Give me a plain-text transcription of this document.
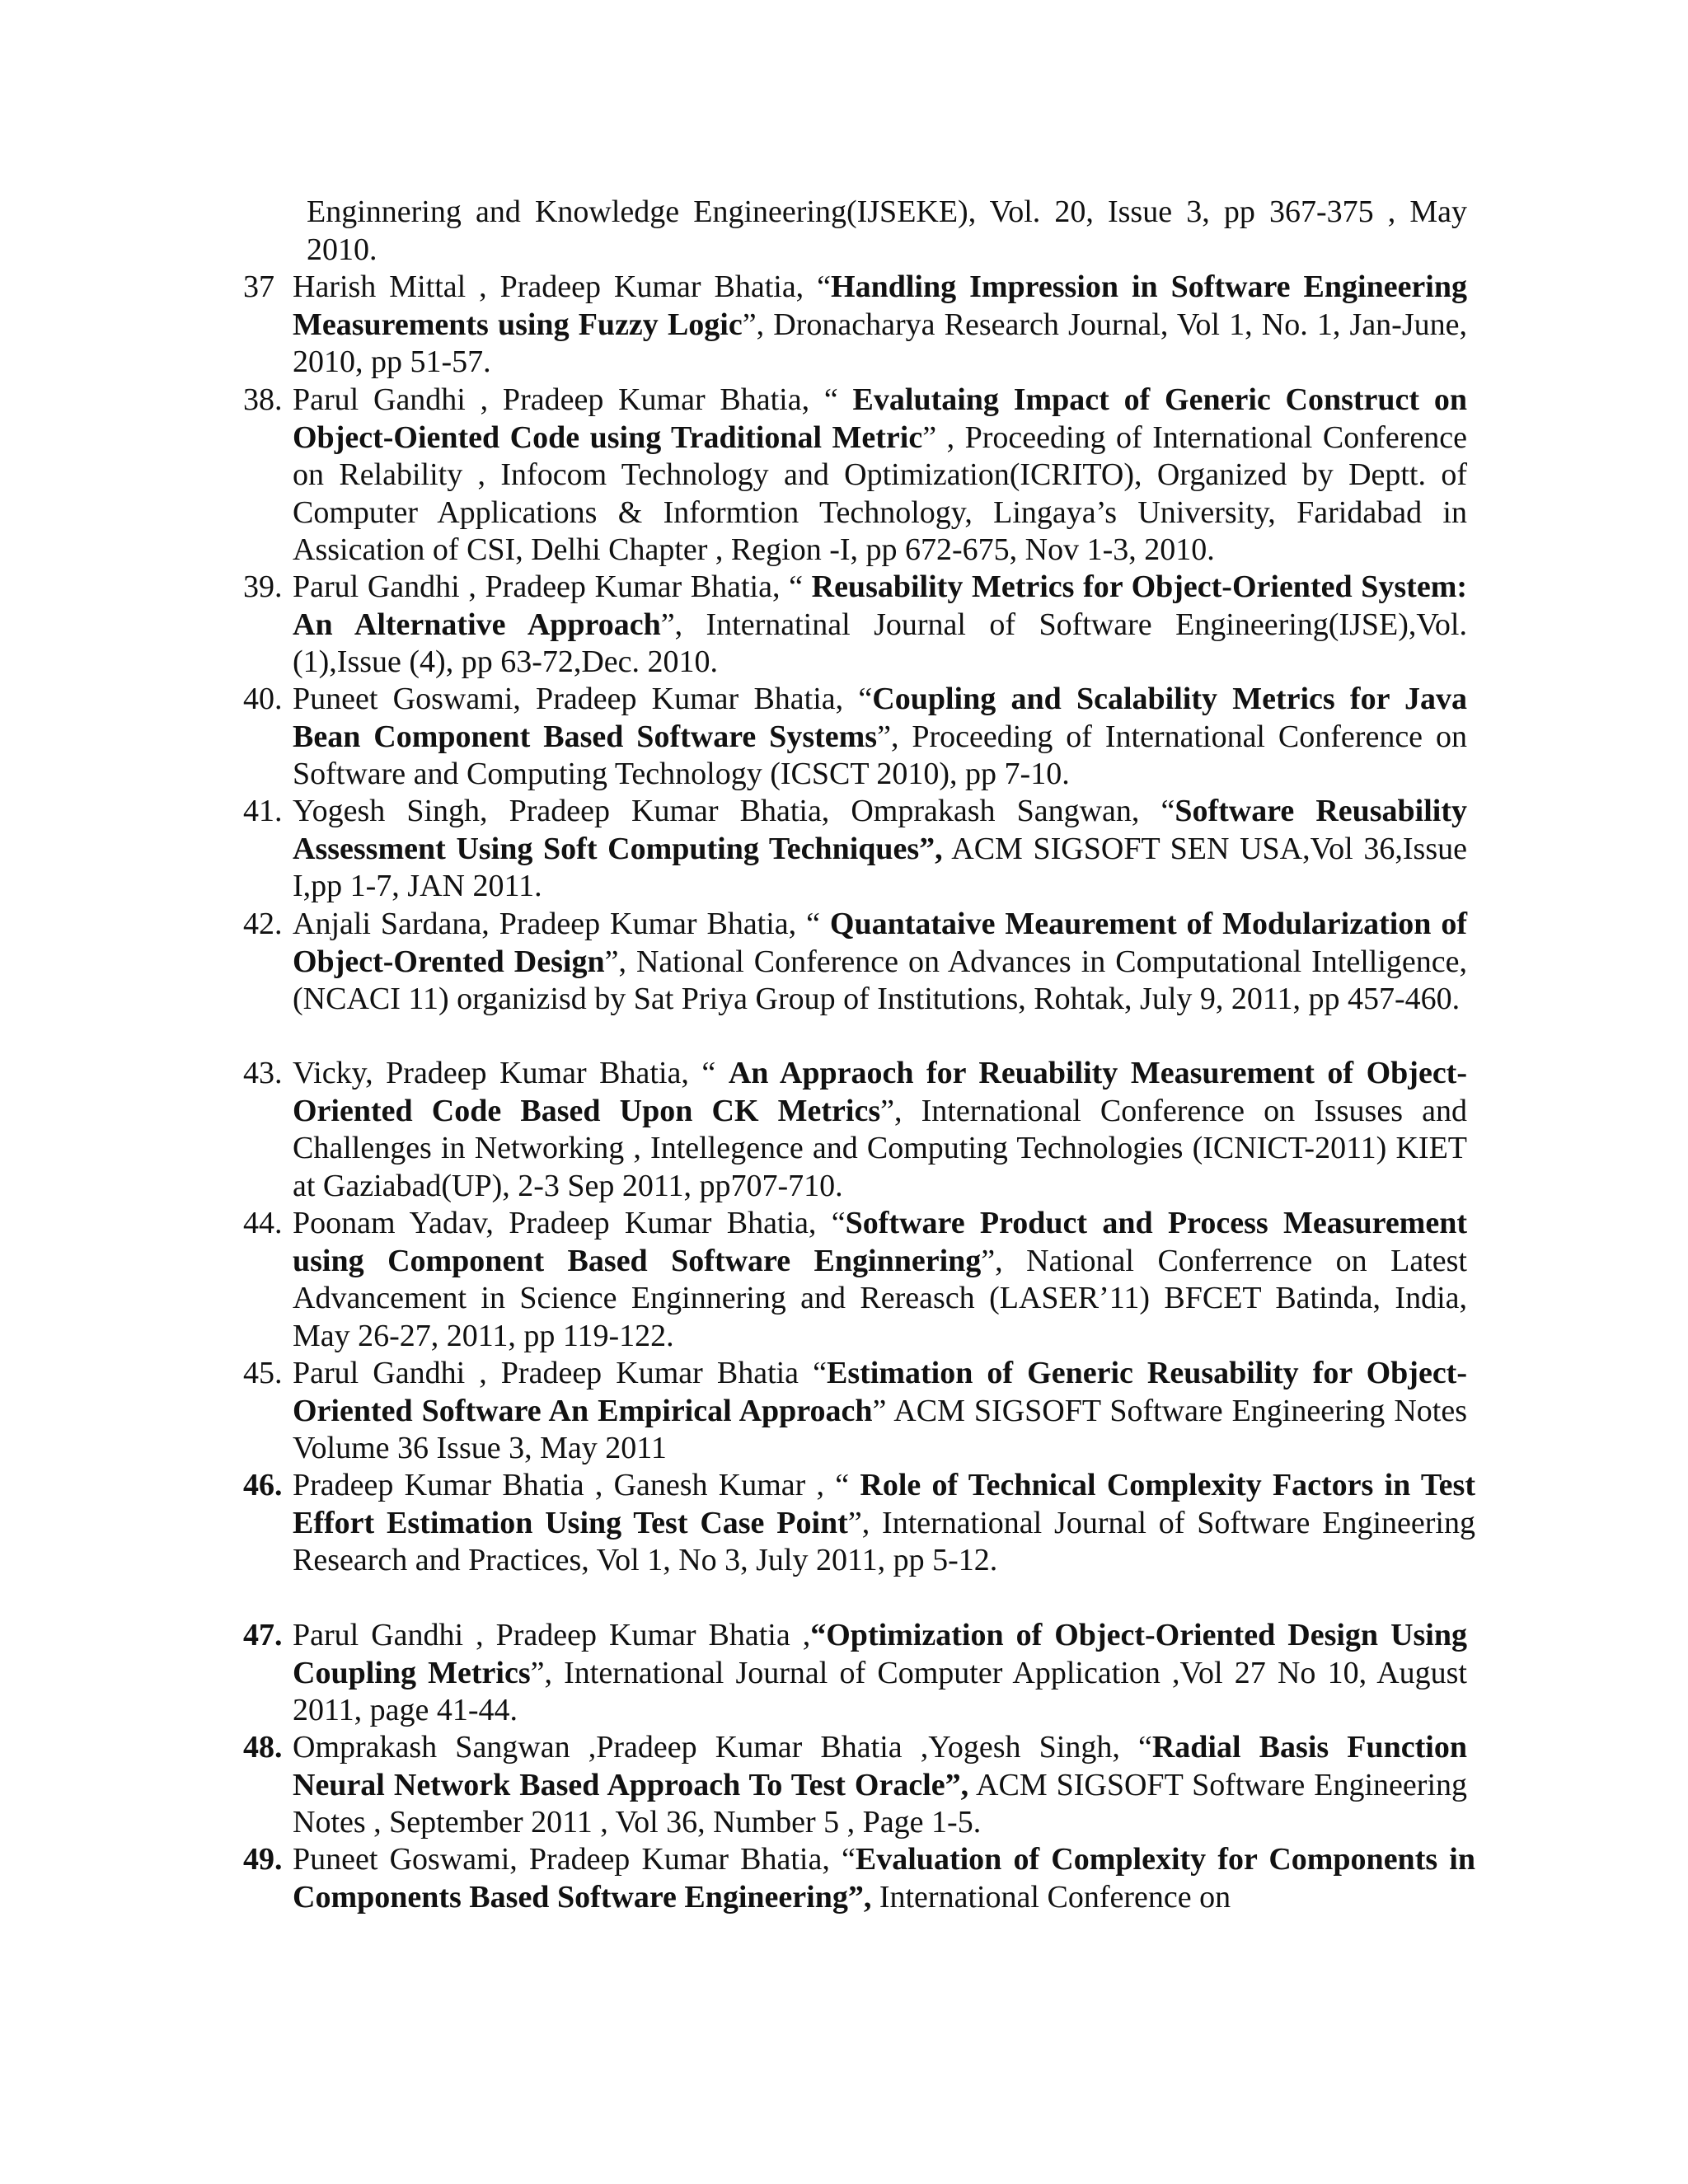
Enginnering and Knowledge Engineering(IJSEKE), Vol. 20, Issue 3, pp 367-375 , May 2010.
37 Harish Mittal , Pradeep Kumar Bhatia, “Handling Impression in Software Engineering Measurements using Fuzzy Logic”, Dronacharya Research Journal, Vol 1, No. 1, Jan-June, 2010, pp 51-57.
38. Parul Gandhi , Pradeep Kumar Bhatia, “ Evalutaing Impact of Generic Construct on Object-Oiented Code using Traditional Metric” , Proceeding of International Conference on Relability , Infocom Technology and Optimization(ICRITO), Organized by Deptt. of Computer Applications & Informtion Technology, Lingaya’s University, Faridabad in Assication of CSI, Delhi Chapter , Region -I, pp 672-675, Nov 1-3, 2010.
39. Parul Gandhi , Pradeep Kumar Bhatia, “ Reusability Metrics for Object-Oriented System: An Alternative Approach”, Internatinal Journal of Software Engineering(IJSE),Vol. (1),Issue (4), pp 63-72,Dec. 2010.
40. Puneet Goswami, Pradeep Kumar Bhatia, “Coupling and Scalability Metrics for Java Bean Component Based Software Systems”, Proceeding of International Conference on Software and Computing Technology (ICSCT 2010), pp 7-10.
41. Yogesh Singh, Pradeep Kumar Bhatia, Omprakash Sangwan, “Software Reusability Assessment Using Soft Computing Techniques”, ACM SIGSOFT SEN USA,Vol 36,Issue I,pp 1-7, JAN 2011.
42. Anjali Sardana, Pradeep Kumar Bhatia, “ Quantataive Meaurement of Modularization of Object-Orented Design”, National Conference on Advances in Computational Intelligence,(NCACI 11) organizisd by Sat Priya Group of Institutions, Rohtak, July 9, 2011, pp 457-460.
43. Vicky, Pradeep Kumar Bhatia, “ An Appraoch for Reuability Measurement of Object-Oriented Code Based Upon CK Metrics”, International Conference on Issuses and Challenges in Networking , Intellegence and Computing Technologies (ICNICT-2011) KIET at Gaziabad(UP), 2-3 Sep 2011, pp707-710.
44. Poonam Yadav, Pradeep Kumar Bhatia, “Software Product and Process Measurement using Component Based Software Enginnering”, National Conferrence on Latest Advancement in Science Enginnering and Rereasch (LASER’11) BFCET Batinda, India, May 26-27, 2011, pp 119-122.
45. Parul Gandhi , Pradeep Kumar Bhatia “Estimation of Generic Reusability for Object-Oriented Software An Empirical Approach” ACM SIGSOFT Software Engineering Notes Volume 36 Issue 3, May 2011
46. Pradeep Kumar Bhatia , Ganesh Kumar , “ Role of Technical Complexity Factors in Test Effort Estimation Using Test Case Point”, International Journal of Software Engineering Research and Practices, Vol 1, No 3, July 2011, pp 5-12.
47. Parul Gandhi , Pradeep Kumar Bhatia ,“Optimization of Object-Oriented Design Using Coupling Metrics”, International Journal of Computer Application ,Vol 27 No 10, August 2011, page 41-44.
48. Omprakash Sangwan ,Pradeep Kumar Bhatia ,Yogesh Singh, “Radial Basis Function Neural Network Based Approach To Test Oracle”, ACM SIGSOFT Software Engineering Notes , September 2011 , Vol 36, Number 5 , Page 1-5.
49. Puneet Goswami, Pradeep Kumar Bhatia, “Evaluation of Complexity for Components in Components Based Software Engineering”, International Conference on
